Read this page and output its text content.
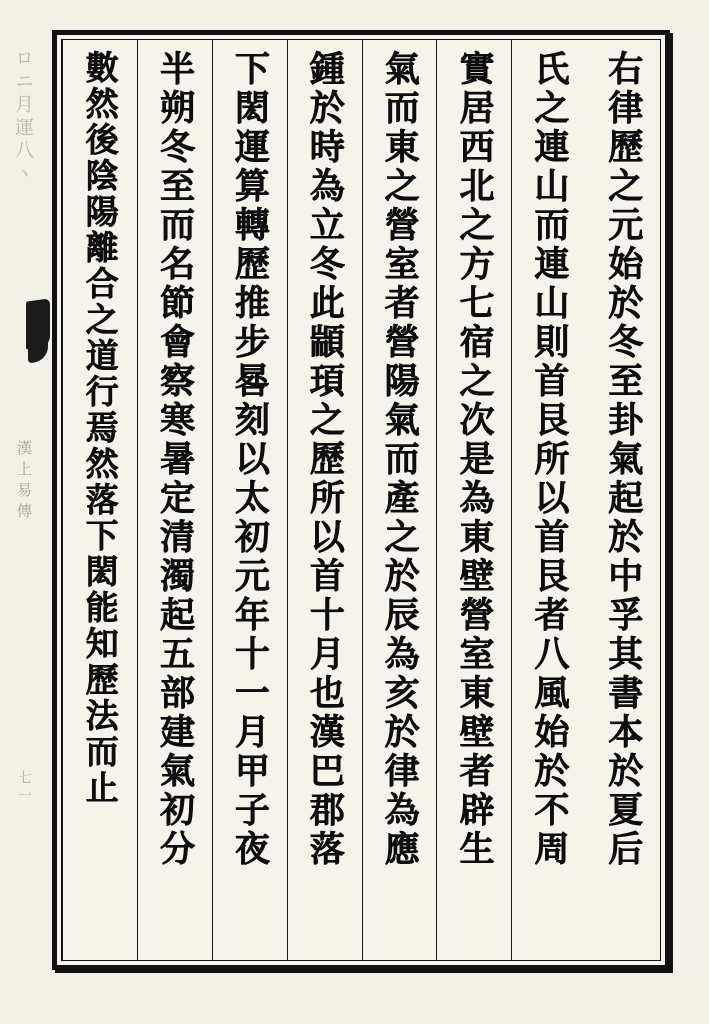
ロニ月運八ヽ
漢上易傳
七一	右律歷之元始於冬至卦氣起於中孚其書本於夏后
氏之連山而連山則首艮所以首艮者八風始於不周
實居西北之方七宿之次是為東壁營室東壁者辟生
氣而東之營室者營陽氣而產之於辰為亥於律為應
鍾於時為立冬此顓頊之歷所以首十月也漢巴郡落
下閎運算轉歷推步晷刻以太初元年十一月甲子夜
半朔冬至而名節會察寒暑定清濁起五部建氣初分
數然後陰陽離合之道行焉然落下閎能知歷法而止
